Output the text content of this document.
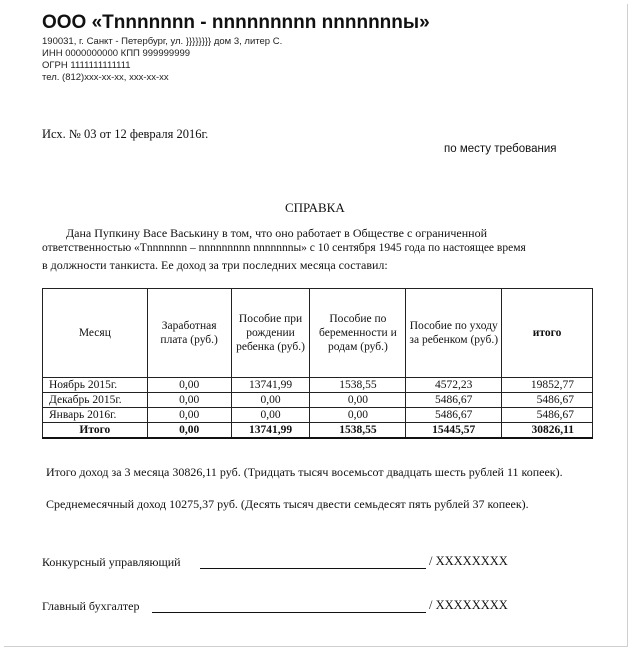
ООО «Tnnnnnnn - nnnnnnnnn nnnnnnnы»
190031, г. Санкт - Петербург, ул. }}}}}}}} дом 3, литер С.
ИНН 0000000000 КПП 999999999
ОГРН 1111111111111
тел. (812)xxx-xx-xx, xxx-xx-xx
Исх. № 03 от 12 февраля 2016г.
по месту требования
СПРАВКА
Дана Пупкину Васе Васькину в том, что оно работает в Обществе с ограниченной
ответственностью «Tnnnnnnn – nnnnnnnnn nnnnnnnы» с 10 сентября 1945 года по настоящее время
в должности танкиста. Ее доход за три последних месяца составил:
Месяц	Заработная плата (руб.)	Пособие при рождении ребенка (руб.)	Пособие по беременности и родам (руб.)	Пособие по уходу за ребенком (руб.)	итого
Ноябрь 2015г.	0,00	13741,99	1538,55	4572,23	19852,77
Декабрь 2015г.	0,00	0,00	0,00	5486,67	5486,67
Январь 2016г.	0,00	0,00	0,00	5486,67	5486,67
Итого	0,00	13741,99	1538,55	15445,57	30826,11
Итого доход за 3 месяца 30826,11 руб. (Тридцать тысяч восемьсот двадцать шесть рублей 11 копеек).
Среднемесячный доход 10275,37 руб. (Десять тысяч двести семьдесят пять рублей 37 копеек).
Конкурсный управляющий	/ XXXXXXXX
Главный бухгалтер	/ XXXXXXXX
